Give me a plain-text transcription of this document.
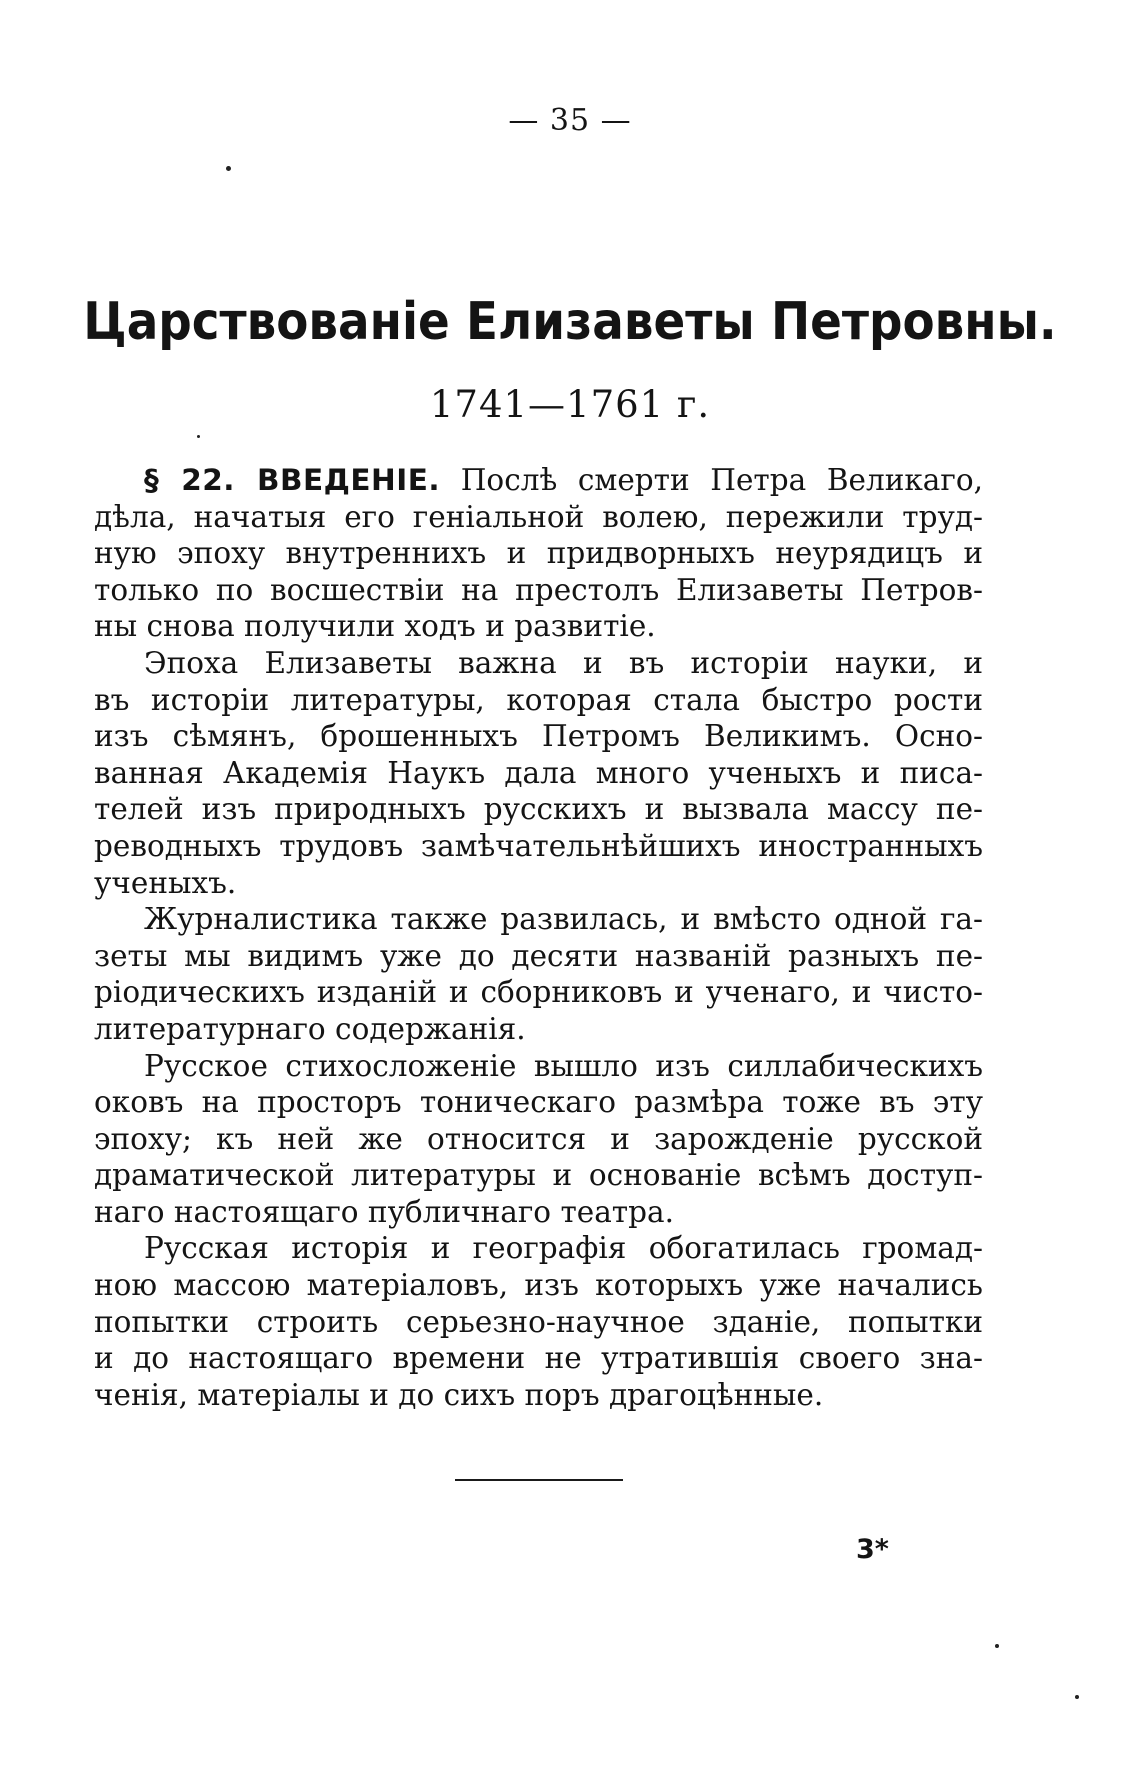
— 35 —
Царствованіе Елизаветы Петровны.
1741—1761 г.
§ 22. ВВЕДЕНІЕ. Послѣ смерти Петра Великаго,
дѣла, начатыя его геніальной волею, пережили труд-
ную эпоху внутреннихъ и придворныхъ неурядицъ и
только по восшествіи на престолъ Елизаветы Петров-
ны снова получили ходъ и развитіе.
Эпоха Елизаветы важна и въ исторіи науки, и
въ исторіи литературы, которая стала быстро рости
изъ сѣмянъ, брошенныхъ Петромъ Великимъ. Осно-
ванная Академія Наукъ дала много ученыхъ и писа-
телей изъ природныхъ русскихъ и вызвала массу пе-
реводныхъ трудовъ замѣчательнѣйшихъ иностранныхъ
ученыхъ.
Журналистика также развилась, и вмѣсто одной га-
зеты мы видимъ уже до десяти названій разныхъ пе-
ріодическихъ изданій и сборниковъ и ученаго, и чисто-
литературнаго содержанія.
Русское стихосложеніе вышло изъ силлабическихъ
оковъ на просторъ тоническаго размѣра тоже въ эту
эпоху; къ ней же относится и зарожденіе русской
драматической литературы и основаніе всѣмъ доступ-
наго настоящаго публичнаго театра.
Русская исторія и географія обогатилась громад-
ною массою матеріаловъ, изъ которыхъ уже начались
попытки строить серьезно-научное зданіе, попытки
и до настоящаго времени не утратившія своего зна-
ченія, матеріалы и до сихъ поръ драгоцѣнные.
3*
